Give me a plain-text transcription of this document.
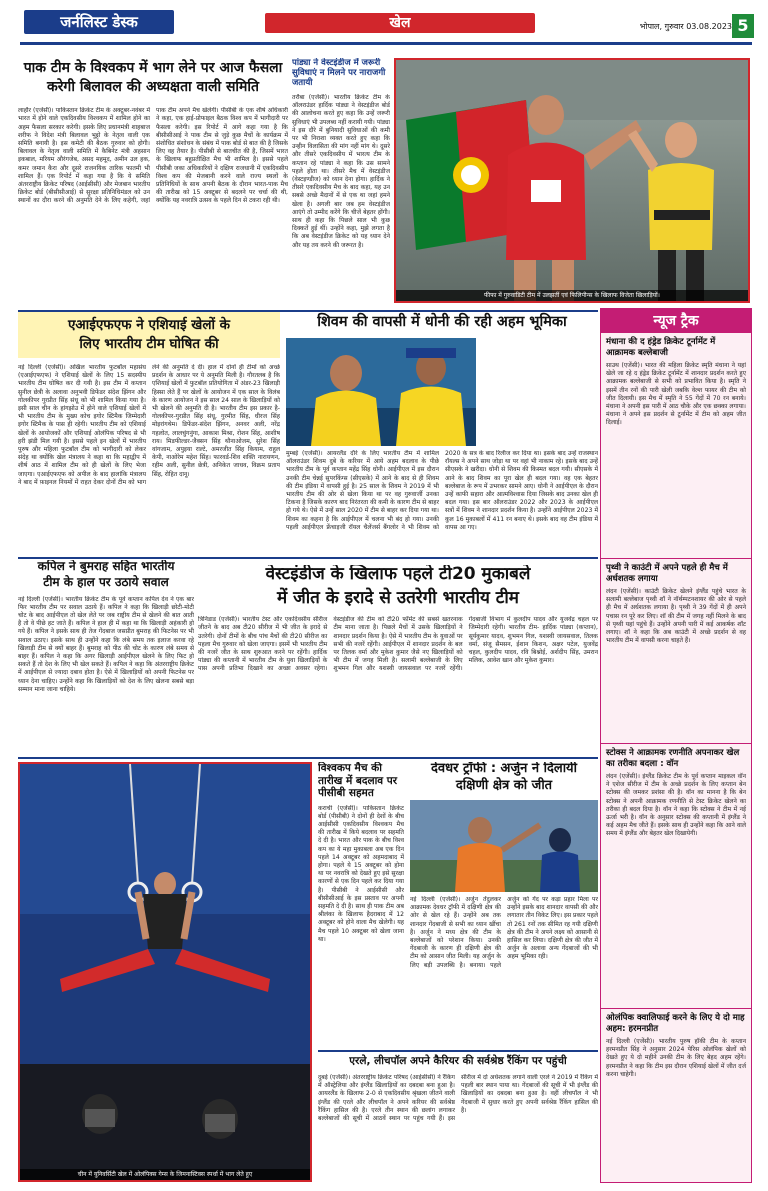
जर्नलिस्ट डेस्क	खेल	भोपाल, गुरुवार 03.08.2023 5
पाक टीम के विश्वकप में भाग लेने पर आज फैसला
करेगी बिलावल की अध्यक्षता वाली समिति
लाहौर (एजेंसी)। पाकिस्तान क्रिकेट टीम के अक्टूबर-नवंबर में भारत में होने वाले एकदिवसीय विश्वकप में शामिल होने का अहम फैसला सरकार करेगी। इसके लिए प्रधानमंत्री शाहबाज शरीफ ने विदेश मंत्री बिलावल भुट्टो के नेतृत्व वाली एक समिति बनायी है। इस कमेटी की बैठक गुरुवार को होगी। बिलावल के नेतृत्व वाली समिति में कैबिनेट मंत्री अहसान इकबाल, मरियम औरंगजेब, असद महमूद, अमीन उल हक, कमर जमान कैरा और दूसरे राजनयिक तारिक फातमी भी शामिल हैं। एक रिपोर्ट में कहा गया है कि ये समिति अंतरराष्ट्रीय क्रिकेट परिषद (आईसीसी) और मेजबान भारतीय क्रिकेट बोर्ड (बीसीसीआई) से सुरक्षा प्रतिनिधिमंडल को उन स्थानों का दौरा करने की अनुमति देने के लिए कहेगी, जहां पाक टीम अपने मैच खेलेगी। पीसीबी के एक शीर्ष अधिकारी ने कहा, एक हाई-प्रोफाइल बैठक विश्व कप में भागीदारी पर फैसला करेगी। इस रिपोर्ट में आगे कहा गया है कि बीसीसीआई ने पाक टीम से जुड़े कुछ मैचों के कार्यक्रम में संशोधित संशोधन के संबंध में पाक बोर्ड से बात की है जिसके लिए वह तैयार है। पीसीबी से बातचीत की है, जिसमें भारत के खिलाफ बहुप्रतीक्षित मैच भी शामिल है। इससे पहले पीसीबी जका अधिकारियों ने दक्षिण राजधानी में एकदिवसीय विश्व कप की मेजबानी करने वाले राज्य स्थलों के प्रतिनिधियों के साथ अपनी बैठक के दौरान भारत-पाक मैच की तारीख को 15 अक्टूबर से बदलने पर चर्चा की थी, क्योंकि यह नवरात्रि उत्सव के पहले दिन से टकरा रही थी।
पांड्या ने वेस्टइंडीज में जरूरी सुविधाएं न मिलने पर नाराजगी जतायी
तरौबा (एजेंसी)। भारतीय क्रिकेट टीम के ऑलराउंडर हार्दिक पांड्या ने वेस्टइंडीज बोर्ड की आलोचना करते हुए कहा कि उन्हें जरूरी सुविधाएं भी उपलब्ध नहीं करायी गयी। पांड्या ने इस दौरे में बुनियादी सुविधाओं की कमी पर भी निराशा व्यक्त करते हुए कहा कि उन्हीन विलासिता की मांग नहीं मांग थे। दूसरे और तीसरे एकदिवसीय में भारत्य टीम के कप्तान रहे पांड्या ने कहा कि उस सामने पहले होता था। तीसरे मैच में वेस्टइंडीज (वेस्टइण्डीज) को ध्यान देना होगा। हार्दिक ने तीसरे एकदिवसीय मैच के बाद कहा, यह उन सबसे अच्छे मैदानों में से एक था जहां हमने खेला है। अगली बार जब हम वेस्टइंडीज आएंगे तो उम्मीद करेंगे कि चीजें बेहतर होंगी। साथ ही कहा कि पिछले साल भी कुछ दिक्कतें हुई थीं। उन्होंने कहा, मुझे लगता है कि अब वेस्टइंडीज क्रिकेट को यह ध्यान देने और यह तय करने की जरूरत है।
फीफा में गुरुवाडिटी टीम में उलझतीं एवं फिलिपीन्स के खिलाफ विजेता खिलाड़ियों।
एआईएफएफ ने एशियाई खेलों के
लिए भारतीय टीम घोषित की
नई दिल्ली (एजेंसी)। अखिल भारतीय फुटबॉल महासंघ (एआईएफएफ) ने एशियाई खेलों के लिए 15 सदस्यीय भारतीय टीम घोषित कर दी गयी है। इस टीम में कप्तान सुनील छेत्री के अलावा अनुभवी डिफेंडर संदेश झिंगन और गोलकीपर गुरप्रीत सिंह संधू को भी शामिल किया गया है। इसी साल चीन के हांगझोउ में होने वाले एशियाई खेलों में भी भारतीय टीम के मुख्य कोच इगोर स्टिमैक जिम्मेदारी इगोर स्टिमैक के पास ही रहेगी। भारतीय टीम को एशियाई खेलों के आयोजकों और एशियाई ओलंपिक परिषद से भी हरी झंडी मिल गयी है। इससे पहले इन खेलों में भारतीय पुरुष और महिला फुटबॉल टीम को भागीदारी को लेकर संदेह था क्योंकि खेल मंत्रालय ने कहा था कि महाद्वीप में शीर्ष आठ में शामिल टीम को ही खेलों के लिए भेजा जाएगा। एआईएफएफ को अपील के बाद हालांकि मंत्रालय ने बाद में फ़ाइनल नियमों में राहत देकर दोनों टीम को भाग लेने की अनुमति दे दी। हाल में दोनों ही टीमों को अच्छे प्रदर्शन के आधार पर ये अनुमति मिली है। गौरतलब है कि एशियाई खेलों में फुटबॉल प्रतियोगिता में अंडर-23 खिलाड़ी हिस्सा लेते हैं पर खेलों के आयोजन में एक साल के विलंब के कारण आयोजन ने इस साल 24 साल के खिलाड़ियों को भी खेलने की अनुमति दी है। भारतीय टीम इस प्रकार है- गोलकीपर-गुरप्रीत सिंह संधू, गुरमीत सिंह, धीरज सिंह मोइरांगथेम। डिफेंडर-संदेश झिंगन, अनवर अली, नरेंद्र गहलोत, लालचुंगनुंगा, आकाश मिश्रा, रोशन सिंह, आशीष राय। मिडफील्डर-जैक्सन सिंह थौनाओजम, सुरेश सिंह वांगजाम, अपुइया राल्टे, अमरजीत सिंह कियाम, राहुल केपी, नाओरेम महेश सिंह। फारवर्ड-शिव शक्ति नारायणन, रहीम अली, सुनील छेत्री, अनिकेत जाधव, विक्रम प्रताप सिंह, रोहित दानू।
शिवम की वापसी में धोनी की रही अहम भूमिका
मुम्बई (एजेंसी)। आयरलैंड दौरे के लिए भारतीय टीम में शामिल ऑलराउंडर शिवम दुबे के करियर में आये अहम बदलाव के पीछे भारतीय टीम के पूर्व कप्तान महेंद्र सिंह धोनी। आईपीएल में इस दौरान उनकी टीम चेन्नई सुपरकिंग्स (सीएसके) में आने के बाद से ही शिवम की टीम इंडिया में वापसी हुई है। 25 साल के शिवम ने 2019 में भी भारतीय टीम की ओर से खेला किया था पर वह गुरुवार्जी उनका टिकना है जिसके कारण बाद निरंतरता की कमी के कारण टीम से बाहर हो गये थे। ऐसे में उन्हें साल 2020 में टीम से बाहर कर दिया गया था। शिवम का कहना है कि आईपीएल में चलना भी बंद हो गया। उनकी पहली आईपीएल फ्रेंचाइजी रॉयल चैलेंजर्स बैंगलोर ने भी शिवम को 2020 के सत्र के बाद रिलीज कर दिया था। इसके बाद उन्हें राजस्थान रॉयल्स ने अपने साथ जोड़ा था पर वहां भी नाकाम रहे। इसके बाद उन्हें सीएसके ने खरीदा। धोनी से शिवम की किस्मत बदल गयी। सीएसके में आने के बाद शिवम का पूरा खेल ही बदल गया। वह एक बेहतर बल्लेबाज के रूप में उभरकर सामने आए। धोनी ने आईपीएल के दौरान उन्हें काफी सहारा और आत्मविश्वास दिया जिसके बाद उनका खेल ही बदल गया। इस बार ऑलराउंडर 2022 और 2023 के आईपीएल सत्रों में शिवम ने शानदार प्रदर्शन किया है। उन्होंने आईपीएल 2023 में कुल 16 मुकाबलों में 411 रन बनाए थे। इसके बाद वह टीम इंडिया में वापस आ गए।
न्यूज ट्रैक
मंधाना की द हंड्रेड क्रिकेट टूर्नामेंट में आक्रामक बल्लेबाजी
साउथ (एजेंसी)। भारत की महिला क्रिकेट स्मृति मंधाना ने यहां खेले जा रहे द हंड्रेड क्रिकेट टूर्नामेंट में शानदार प्रदर्शन करते हुए आक्रामक बल्लेबाजी से सभी को प्रभावित किया है। स्मृति ने इसमें तीन रनों की पारी खेली जबकि वेल्श फायर की टीम को जीत दिलायी। इस मैच में स्मृति ने 55 गेंदों में 70 रन बनाये। मंधाना ने अपनी इस पारी में आठ चौके और एक छक्का लगाया। मंधाना ने अपने इस प्रदर्शन से टूर्नामेंट में टीम को अहम जीत दिलाई।
पृथ्वी ने काउंटी में अपने पहले ही मैच में अर्धशतक लगाया
लंदन (एजेंसी)। काउंटी क्रिकेट खेलने इंग्लैंड पहुंचे भारत के सलामी बल्लेबाज पृथ्वी शॉ ने नॉर्थम्पटनशायर की ओर से पहले ही मैच में अर्धशतक लगाया है। पृथ्वी ने 39 गेंदों में ही अपने पचास रन पूरे कर लिए। शॉ की टीम में जगह नहीं मिलने के बाद से पृथ्वी यहां पहुंचे हैं। उन्होंने अपनी पारी में कई आकर्षक शॉट लगाए। शॉ ने कहा कि अब काउंटी में अच्छे प्रदर्शन से वह भारतीय टीम में वापसी करना चाहते हैं।
स्टोक्स ने आक्रामक रणनीति अपनाकर खेल का तरीका बदला : वॉन
लंदन (एजेंसी)। इंग्लैंड क्रिकेट टीम के पूर्व कप्तान माइकल वॉन ने एशेज सीरीज में टीम के अच्छे प्रदर्शन के लिए कप्तान बेन स्टोक्स की जमकर प्रशंसा की है। वॉन का मानना है कि बेन स्टोक्स ने अपनी आक्रामक रणनीति से टेस्ट क्रिकेट खेलने का तरीका ही बदल दिया है। वॉन ने कहा कि स्टोक्स ने टीम में नई ऊर्जा भरी है। वॉन के अनुसार स्टोक्स की कप्तानी में इंग्लैंड ने कई अहम मैच जीते हैं। इसके साथ ही उन्होंने कहा कि आने वाले समय में इंग्लैंड और बेहतर खेल दिखायेगी।
ओलंपिक क्वालिफाई करने के लिए ये दो माह अहम: हरमनप्रीत
नई दिल्ली (एजेंसी)। भारतीय पुरुष हॉकी टीम के कप्तान हरमनप्रीत सिंह ने अनुसार 2024 पेरिस ओलंपिक खेलों को देखते हुए ये दो महीने उनकी टीम के लिए बेहद अहम रहेंगे। हरमनप्रीत ने कहा कि टीम इस दौरान एशियाई खेलों में जीत दर्ज करना चाहेगी।
कपिल ने बुमराह सहित भारतीय
टीम के हाल पर उठाये सवाल
नई दिल्ली (एजेंसी)। भारतीय क्रिकेट टीम के पूर्व कप्तान कपिल देव ने एक बार फिर भारतीय टीम पर सवाल उठाये हैं। कपिल ने कहा कि खिलाड़ी छोटी-मोटी चोट के बाद आईपीएल तो खेल लेते पर जब राष्ट्रीय टीम से खेलने की बात आती है तो वे पीछे हट जाते हैं। कपिल ने हाल ही में कहा था कि खिलाड़ी अहंकारी हो गये हैं। कपिल ने इसके साथ ही तेज गेंदबाज जसप्रीत बुमराह की फिटनेस पर भी सवाल उठाए। इसके साथ ही उन्होंने कहा कि लंबे समय तक इलाज करवा रहे खिलाड़ी टीम से क्यों बाहर हैं। बुमराह को पीठ की चोट के कारण लंबे समय से बाहर हैं। कपिल ने कहा कि अगर खिलाड़ी आईपीएल खेलने के लिए फिट हो सकते हैं तो देश के लिए भी खेल सकते हैं। कपिल ने कहा कि अंतरराष्ट्रीय क्रिकेट में आईपीएल से ज्यादा दबाव होता है। ऐसे में खिलाड़ियों को अपनी फिटनेस पर ध्यान देना चाहिए। उन्होंने कहा कि खिलाड़ियों को देश के लिए खेलना सबसे बड़ा सम्मान माना जाना चाहिये।
वेस्टइंडीज के खिलाफ पहले टी20 मुकाबले
में जीत के इरादे से उतरेगी भारतीय टीम
त्रिनिडाड (एजेंसी)। भारतीय टेस्ट और एकदिवसीय सीरीज जीतने के बाद अब टी20 सीरीज में भी जीत के इरादे से उतरेगी। दोनों टीमों के बीच पांच मैचों की टी20 सीरीज का पहला मैच गुरुवार को खेला जाएगा। इसमें भी भारतीय टीम की नजरें जीत के साथ शुरुआत करने पर रहेंगी। हार्दिक पांड्या की कप्तानी में भारतीय टीम के युवा खिलाड़ियों के पास अपनी प्रतिभा दिखाने का अच्छा अवसर रहेगा। वेस्टइंडीज की टीम को टी20 फॉर्मेट की सबसे खतरनाक टीम माना जाता है। पिछले मैचों में उसके खिलाड़ियों ने शानदार प्रदर्शन किया है। ऐसे में भारतीय टीम के युवाओं पर सभी की नजरें रहेंगी। आईपीएल में शानदार प्रदर्शन के बल पर तिलक वर्मा और मुकेश कुमार जैसे नए खिलाड़ियों को भी टीम में जगह मिली है। सलामी बल्लेबाजी के लिए शुभमन गिल और यशस्वी जायसवाल पर नजरें रहेंगी। गेंदबाजी विभाग में कुलदीप यादव और युजवेंद्र चहल पर जिम्मेदारी रहेगी। भारतीय टीम- हार्दिक पांड्या (कप्तान), सूर्यकुमार यादव, शुभमन गिल, यशस्वी जायसवाल, तिलक वर्मा, संजू सैमसन, ईशान किशन, अक्षर पटेल, युजवेंद्र चहल, कुलदीप यादव, रवि बिश्नोई, अर्शदीप सिंह, उमरान मलिक, आवेश खान और मुकेश कुमार।
चीन में युनिवर्सिटी खेल में ओलंपिक्स गेम्स के जिमनास्टिक्स स्पर्धा में भाग लेते हुए
विश्वकप मैच की तारीख में बदलाव पर पीसीबी सहमत
कराची (एजेंसी)। पाकिस्तान क्रिकेट बोर्ड (पीसीबी) ने दोनों ही देशों के बीच आईसीसी एकदिवसीय विश्वकप मैच की तारीख में किये बदलाव पर सहमति दे दी है। भारत और पाक के बीच विश्व कप का ये महा मुकाबला अब एक दिन पहले 14 अक्टूबर को अहमदाबाद में होगा। पहले ये 15 अक्टूबर को होना था पर नवरात्रि को देखते हुए इसे सुरक्षा कारणों से एक दिन पहले कर दिया गया है। पीसीबी ने आईसीसी और बीसीसीआई के इस प्रस्ताव पर अपनी सहमति दे दी है। साथ ही पाक टीम अब श्रीलंका के खिलाफ हैदराबाद में 12 अक्टूबर को होने वाला मैच खेलेगी। यह मैच पहले 10 अक्टूबर को खेला जाना था।
देवधर ट्रॉफी : अर्जुन ने दिलायी
दक्षिणी क्षेत्र को जीत
नई दिल्ली (एजेंसी)। अर्जुन तेंदुलकर आक्रामक देवधर ट्रॉफी में दक्षिणी क्षेत्र की ओर से खेल रहे हैं। उन्होंने अब तक शानदार गेंदबाजी से सभी का ध्यान खींचा है। अर्जुन ने मध्य क्षेत्र की टीम के बल्लेबाजों को परेशान किया। उनकी गेंदबाजी के कारण ही दक्षिणी क्षेत्र की टीम को आसान जीत मिली। यह अर्जुन के लिए बड़ी उपलब्धि है। बनाया। पहले अर्जुन को गेंद पर कड़ा प्रहार मिला पर उन्होंने इसके बाद शानदार वापसी की और लगातार तीन विकेट लिए। इस प्रकार पहले तो 261 रनों तक सीमित रह गयी दक्षिणी क्षेत्र की टीम ने अपने लक्ष्य को आसानी से हासिल कर लिया। दक्षिणी क्षेत्र की जीत में अर्जुन के अलावा अन्य गेंदबाजों की भी अहम भूमिका रही।
एरले, लीचपॉल अपने कैरियर की सर्वश्रेष्ठ रैंकिंग पर पहुंची
दुबई (एजेंसी)। अंतरराष्ट्रीय क्रिकेट परिषद (आईसीसी) ने रैंकिंग में ऑस्ट्रेलिया और इंग्लैंड खिलाड़ियों का दबदबा बना हुआ है। आयरलैंड के खिलाफ 2-0 से एकदिवसीय श्रृंखला जीतने वाली इंग्लैंड की एरले और लीचपॉल ने अपने करियर की सर्वश्रेष्ठ रैंकिंग हासिल की है। एरले तीन स्थान की छलांग लगाकर बल्लेबाजों की सूची में आठवें स्थान पर पहुंच गयी हैं। इस सीरीज में दो अर्धशतक लगाने वाली एरले ने 2019 में रैंकिंग में पहली बार स्थान पाया था। गेंदबाजों की सूची में भी इंग्लैंड की खिलाड़ियों का दबदबा बना हुआ है। वहीं लीचपॉल ने भी गेंदबाजी में सुधार करते हुए अपनी सर्वश्रेष्ठ रैंकिंग हासिल की है।
